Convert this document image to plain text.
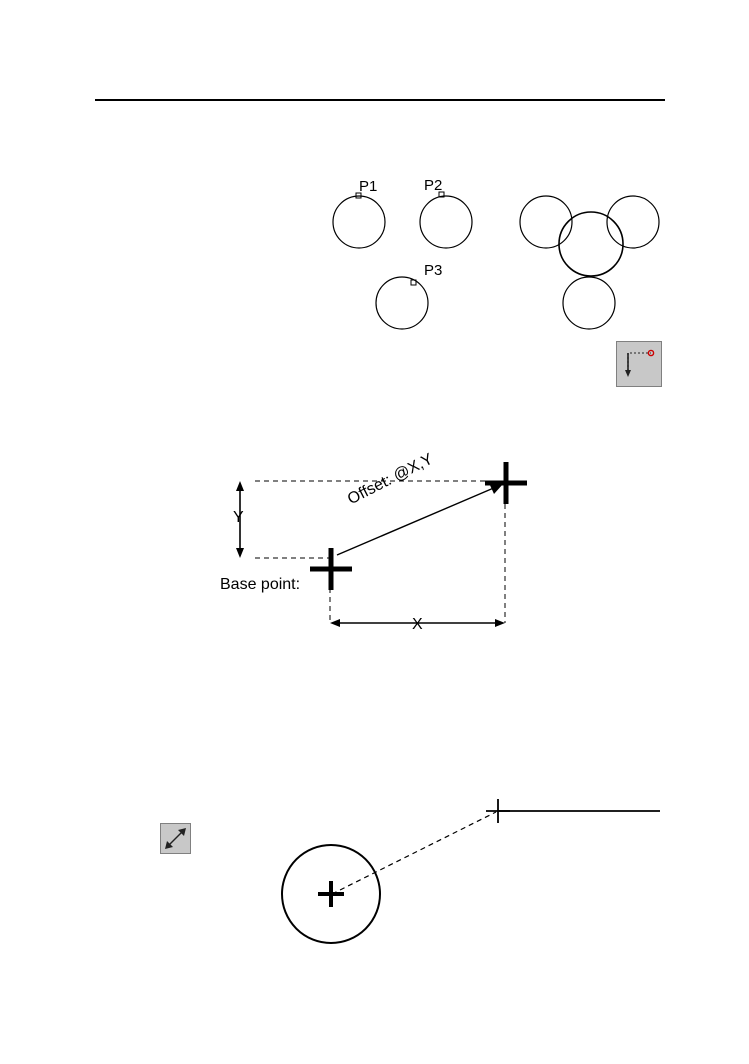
P1	P2
P3
Y
X
Base point:
Offset: @X,Y
